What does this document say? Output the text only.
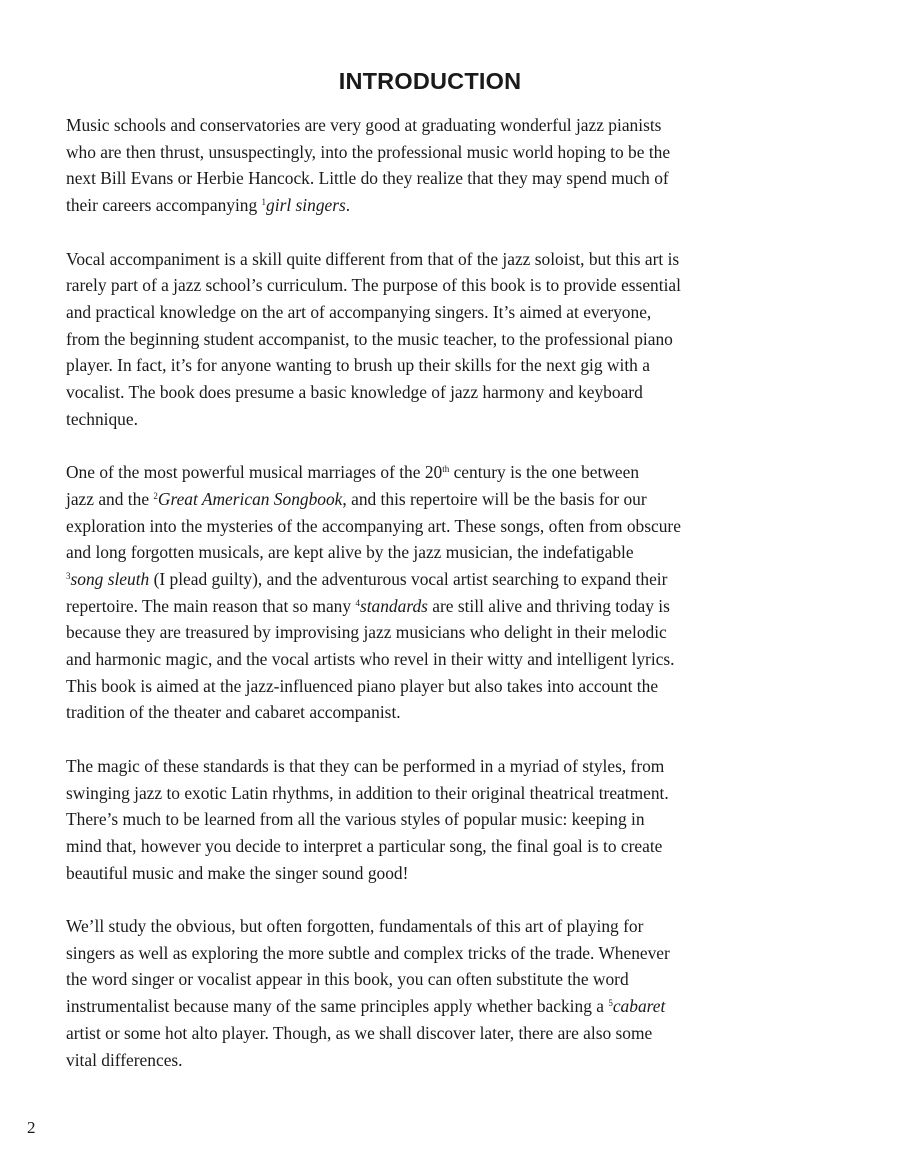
INTRODUCTION

Music schools and conservatories are very good at graduating wonderful jazz pianists
who are then thrust, unsuspectingly, into the professional music world hoping to be the
next Bill Evans or Herbie Hancock. Little do they realize that they may spend much of
their careers accompanying $^1$girl singers.

Vocal accompaniment is a skill quite different from that of the jazz soloist, but this art is
rarely part of a jazz school’s curriculum. The purpose of this book is to provide essential
and practical knowledge on the art of accompanying singers. It’s aimed at everyone,
from the beginning student accompanist, to the music teacher, to the professional piano
player. In fact, it’s for anyone wanting to brush up their skills for the next gig with a
vocalist. The book does presume a basic knowledge of jazz harmony and keyboard
technique.

One of the most powerful musical marriages of the 20th century is the one between
jazz and the $^2$Great American Songbook, and this repertoire will be the basis for our
exploration into the mysteries of the accompanying art. These songs, often from obscure
and long forgotten musicals, are kept alive by the jazz musician, the indefatigable
$^3$song sleuth (I plead guilty), and the adventurous vocal artist searching to expand their
repertoire. The main reason that so many $^4$standards are still alive and thriving today is
because they are treasured by improvising jazz musicians who delight in their melodic
and harmonic magic, and the vocal artists who revel in their witty and intelligent lyrics.
This book is aimed at the jazz-influenced piano player but also takes into account the
tradition of the theater and cabaret accompanist.

The magic of these standards is that they can be performed in a myriad of styles, from
swinging jazz to exotic Latin rhythms, in addition to their original theatrical treatment.
There’s much to be learned from all the various styles of popular music: keeping in
mind that, however you decide to interpret a particular song, the final goal is to create
beautiful music and make the singer sound good!

We’ll study the obvious, but often forgotten, fundamentals of this art of playing for
singers as well as exploring the more subtle and complex tricks of the trade. Whenever
the word singer or vocalist appear in this book, you can often substitute the word
instrumentalist because many of the same principles apply whether backing a $^5$cabaret
artist or some hot alto player. Though, as we shall discover later, there are also some
vital differences.

2
